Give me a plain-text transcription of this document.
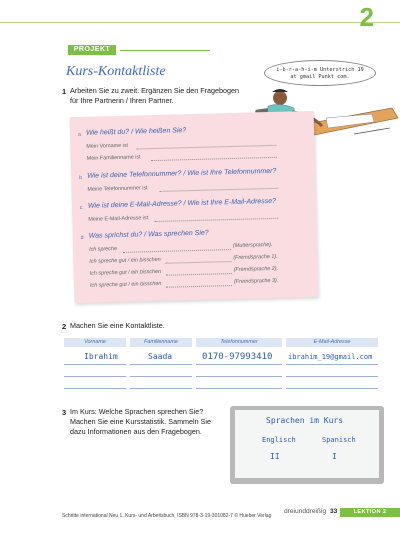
2
PROJEKT
Kurs-Kontaktliste
1 Arbeiten Sie zu zweit. Ergänzen Sie den Fragebogen
für Ihre Partnerin / Ihren Partner.
i-b-r-a-h-i-m Unterstrich 19
at gmail Punkt com.
a Wie heißt du? / Wie heißen Sie?
Mein Vorname ist
Mein Familienname ist
b Wie ist deine Telefonnummer? / Wie ist Ihre Telefonnummer?
Meine Telefonnummer ist
c Wie ist deine E-Mail-Adresse? / Wie ist Ihre E-Mail-Adresse?
Meine E-Mail-Adresse ist
d Was sprichst du? / Was sprechen Sie?
Ich spreche
(Muttersprache).
Ich spreche gut / ein bisschen	(Fremdsprache 1).
Ich spreche gut / ein bisschen	(Fremdsprache 2).
Ich spreche gut / ein bisschen	(Fremdsprache 3).
2 Machen Sie eine Kontaktliste.
Vorname	Familienname	Telefonnummer	E-Mail-Adresse
Ibrahim	Saada	0170-97993410 ibrahim_19@gmail.com
3 Im Kurs: Welche Sprachen sprechen Sie?
Machen Sie eine Kursstatistik. Sammeln Sie
dazu Informationen aus den Fragebogen.
Sprachen im Kurs
Englisch	Spanisch
II	I
dreiunddreißig 33	LEKTION 2
Schritte international Neu 1, Kurs- und Arbeitsbuch, ISBN 978-3-19-301082-7 © Hueber Verlag
